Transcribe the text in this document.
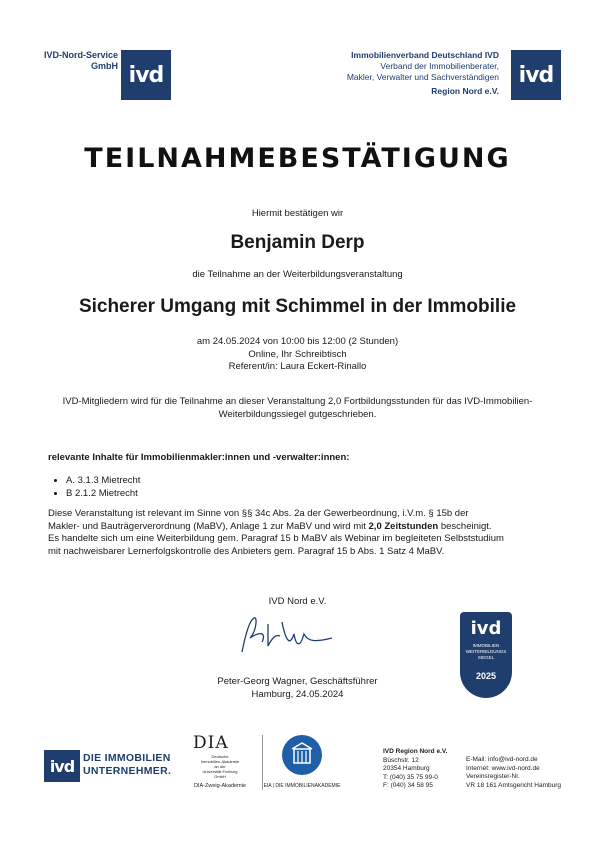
IVD-Nord-Service
GmbH ivd
Immobilienverband Deutschland IVD
Verband der Immobilienberater,
Makler, Verwalter und Sachverständigen
Region Nord e.V.
ivd
TEILNAHMEBESTÄTIGUNG
Hiermit bestätigen wir
Benjamin Derp
die Teilnahme an der Weiterbildungsveranstaltung
Sicherer Umgang mit Schimmel in der Immobilie
am 24.05.2024 von 10:00 bis 12:00 (2 Stunden)
Online, Ihr Schreibtisch
Referent/in: Laura Eckert-Rinallo
IVD-Mitgliedern wird für die Teilnahme an dieser Veranstaltung 2,0 Fortbildungsstunden für das IVD-Immobilien-
Weiterbildungssiegel gutgeschrieben.
relevante Inhalte für Immobilienmakler:innen und -verwalter:innen:
• A. 3.1.3 Mietrecht
• B 2.1.2 Mietrecht
Diese Veranstaltung ist relevant im Sinne von §§ 34c Abs. 2a der Gewerbeordnung, i.V.m. § 15b der
Makler- und Bauträgerverordnung (MaBV), Anlage 1 zur MaBV und wird mit 2,0 Zeitstunden bescheinigt.
Es handelte sich um eine Weiterbildung gem. Paragraf 15 b MaBV als Webinar im begleiteten Selbststudium
mit nachweisbarer Lernerfolgskontrolle des Anbieters gem. Paragraf 15 b Abs. 1 Satz 4 MaBV.
IVD Nord e.V.
Peter-Georg Wagner, Geschäftsführer
Hamburg, 24.05.2024
ivd
IMMOBILIEN
WEITERBILDUNGS
SIEGEL
2025
ivd DIE IMMOBILIEN
UNTERNEHMER.
DIA
Deutsche
Immobilien-Akademie
an der
Universität Freiburg
GmbH
DIA-Zweig-Akademie	EIA | DIE IMMOBILIENAKADEMIE
IVD Region Nord e.V.
Büschstr. 12
20354 Hamburg
T: (040) 35 75 99-0
F: (040) 34 58 95
E-Mail: info@ivd-nord.de
Internet: www.ivd-nord.de
Vereinsregister-Nr.
VR 18 161 Amtsgericht Hamburg
